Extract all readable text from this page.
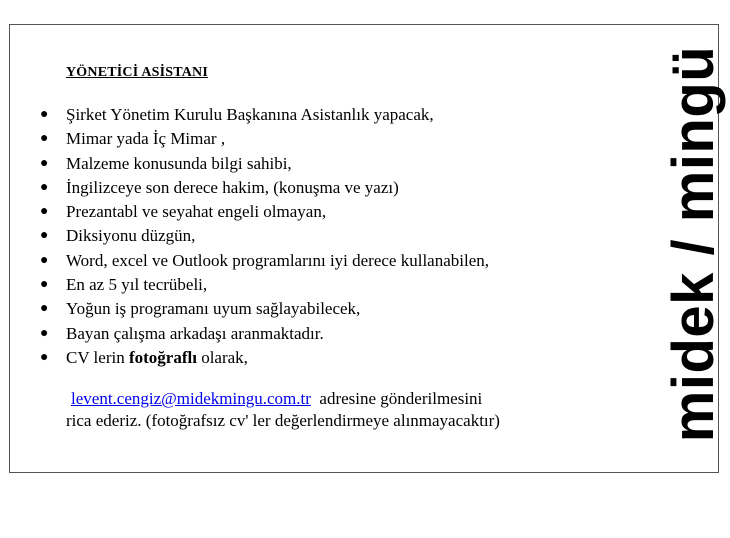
YÖNETİCİ ASİSTANI
● Şirket Yönetim Kurulu Başkanına Asistanlık yapacak,
● Mimar yada İç Mimar ,
● Malzeme konusunda bilgi sahibi,
● İngilizceye son derece hakim, (konuşma ve yazı)
● Prezantabl ve seyahat engeli olmayan,
● Diksiyonu düzgün,
● Word, excel ve Outlook programlarını iyi derece kullanabilen,
● En az 5 yıl tecrübeli,
● Yoğun iş programanı uyum sağlayabilecek,
● Bayan çalışma arkadaşı aranmaktadır.
● CV lerin fotoğraflı olarak,
levent.cengiz@midekmingu.com.tr  adresine gönderilmesini
rica ederiz. (fotoğrafsız cv' ler değerlendirmeye alınmayacaktır)	midek / mingü
